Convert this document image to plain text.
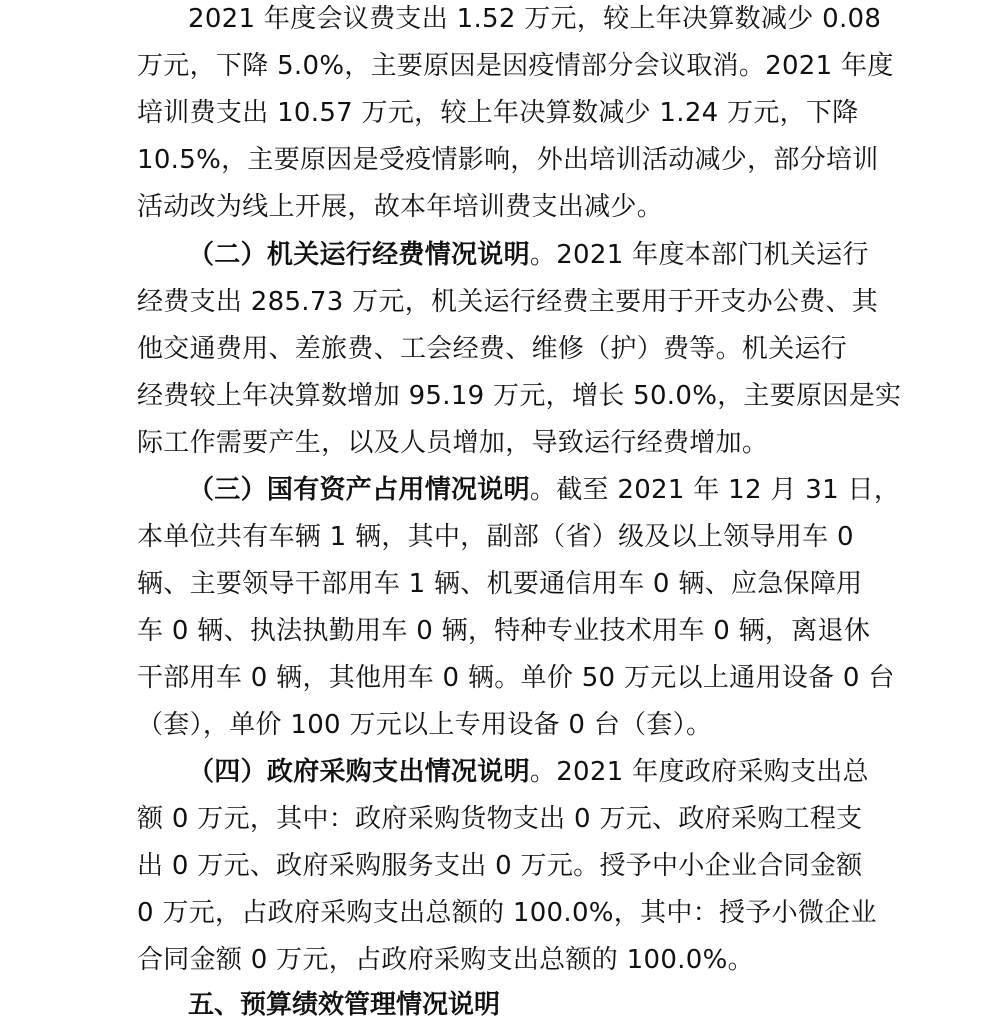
2021 年度会议费支出 1.52 万元，较上年决算数减少 0.08
万元，下降 5.0%，主要原因是因疫情部分会议取消。2021 年度
培训费支出 10.57 万元，较上年决算数减少 1.24 万元，下降
10.5%，主要原因是受疫情影响，外出培训活动减少，部分培训
活动改为线上开展，故本年培训费支出减少。
（二）机关运行经费情况说明。2021 年度本部门机关运行
经费支出 285.73 万元，机关运行经费主要用于开支办公费、其
他交通费用、差旅费、工会经费、维修（护）费等。机关运行
经费较上年决算数增加 95.19 万元，增长 50.0%，主要原因是实
际工作需要产生，以及人员增加，导致运行经费增加。
（三）国有资产占用情况说明。截至 2021 年 12 月 31 日，
本单位共有车辆 1 辆，其中，副部（省）级及以上领导用车 0
辆、主要领导干部用车 1 辆、机要通信用车 0 辆、应急保障用
车 0 辆、执法执勤用车 0 辆，特种专业技术用车 0 辆，离退休
干部用车 0 辆，其他用车 0 辆。单价 50 万元以上通用设备 0 台
（套），单价 100 万元以上专用设备 0 台（套）。
（四）政府采购支出情况说明。2021 年度政府采购支出总
额 0 万元，其中：政府采购货物支出 0 万元、政府采购工程支
出 0 万元、政府采购服务支出 0 万元。授予中小企业合同金额
0 万元，占政府采购支出总额的 100.0%，其中：授予小微企业
合同金额 0 万元，占政府采购支出总额的 100.0%。
五、预算绩效管理情况说明
